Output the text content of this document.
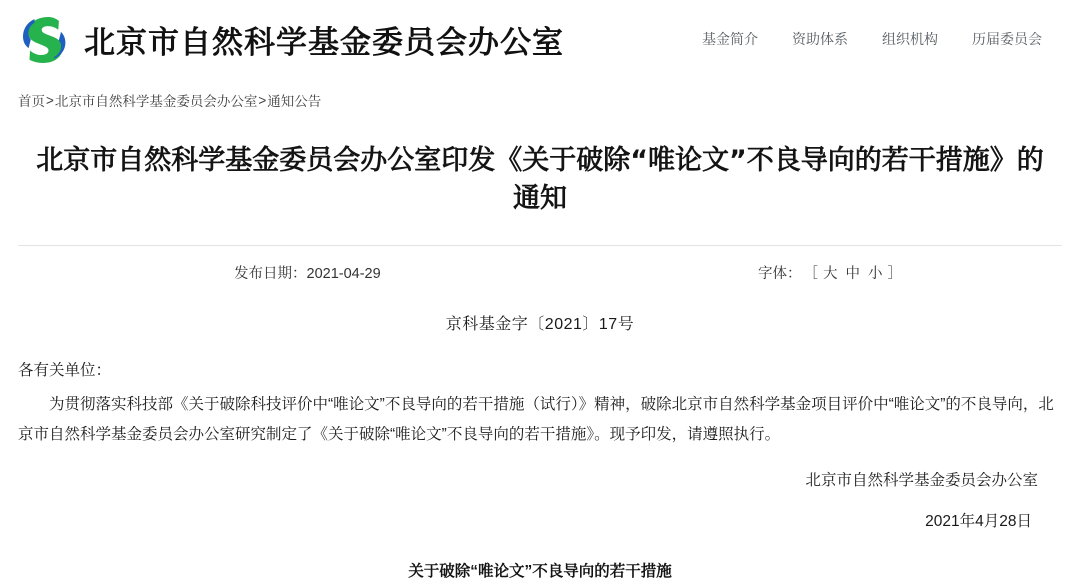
北京市自然科学基金委员会办公室	基金简介 资助体系 组织机构 历届委员会
首页 > 北京市自然科学基金委员会办公室 > 通知公告
北京市自然科学基金委员会办公室印发《关于破除“唯论文”不良导向的若干措施》的通知
发布日期：2021-04-29	字体： ［ 大 中 小 ］
京科基金字〔2021〕17号

各有关单位：

为贯彻落实科技部《关于破除科技评价中“唯论文”不良导向的若干措施（试行）》精神，破除北京市自然科学基金项目评价中“唯论文”的不良导向，北京市自然科学基金委员会办公室研究制定了《关于破除“唯论文”不良导向的若干措施》。现予印发，请遵照执行。

北京市自然科学基金委员会办公室
2021年4月28日
关于破除“唯论文”不良导向的若干措施
